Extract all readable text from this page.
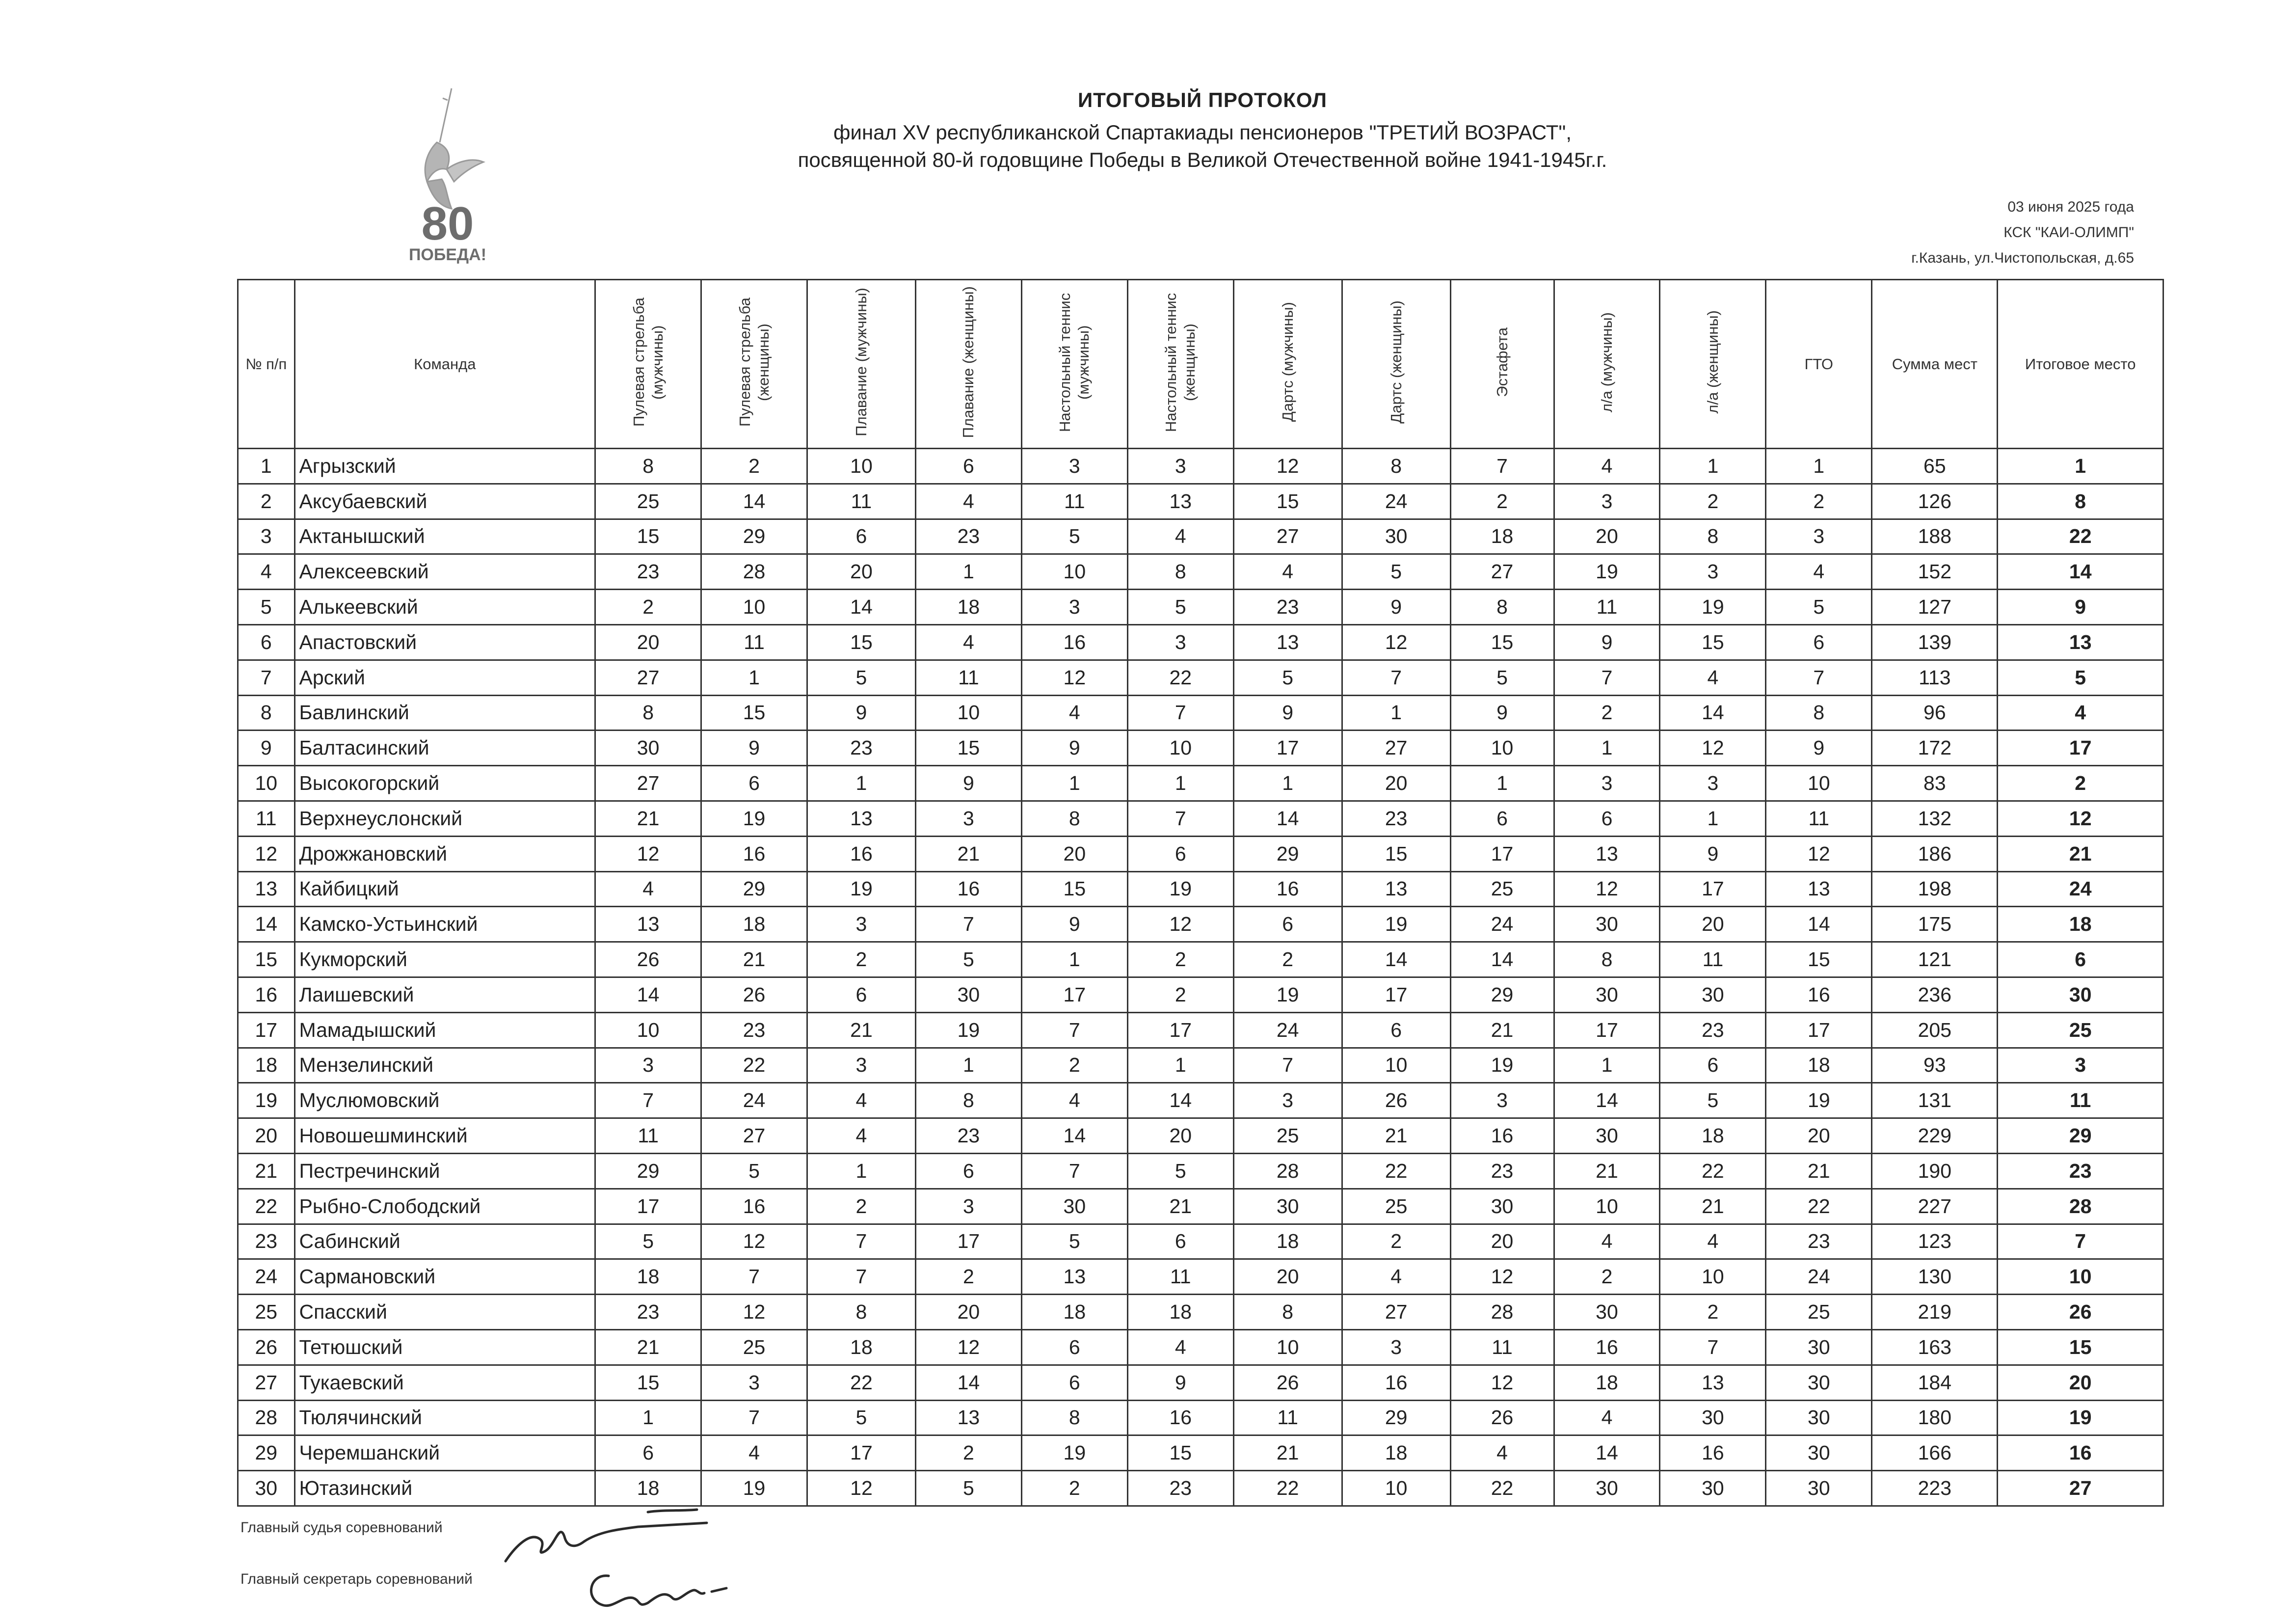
80
ПОБЕДА!
ИТОГОВЫЙ ПРОТОКОЛ
финал XV республиканской Спартакиады пенсионеров "ТРЕТИЙ ВОЗРАСТ",
посвященной 80-й годовщине Победы в Великой Отечественной войне 1941-1945г.г.
03 июня 2025 года
КСК "КАИ-ОЛИМП"
г.Казань, ул.Чистопольская, д.65
№ п/п	Команда	Пулевая стрельба (мужчины)	Пулевая стрельба (женщины)	Плавание (мужчины)	Плавание (женщины)	Настольный теннис (мужчины)	Настольный теннис (женщины)	Дартс (мужчины)	Дартс (женщины)	Эстафета	л/а (мужчины)	л/а (женщины)	ГТО	Сумма мест	Итоговое место
1	Агрызский	8	2	10	6	3	3	12	8	7	4	1	1	65	1
2	Аксубаевский	25	14	11	4	11	13	15	24	2	3	2	2	126	8
3	Актанышский	15	29	6	23	5	4	27	30	18	20	8	3	188	22
4	Алексеевский	23	28	20	1	10	8	4	5	27	19	3	4	152	14
5	Алькеевский	2	10	14	18	3	5	23	9	8	11	19	5	127	9
6	Апастовский	20	11	15	4	16	3	13	12	15	9	15	6	139	13
7	Арский	27	1	5	11	12	22	5	7	5	7	4	7	113	5
8	Бавлинский	8	15	9	10	4	7	9	1	9	2	14	8	96	4
9	Балтасинский	30	9	23	15	9	10	17	27	10	1	12	9	172	17
10	Высокогорский	27	6	1	9	1	1	1	20	1	3	3	10	83	2
11	Верхнеуслонский	21	19	13	3	8	7	14	23	6	6	1	11	132	12
12	Дрожжановский	12	16	16	21	20	6	29	15	17	13	9	12	186	21
13	Кайбицкий	4	29	19	16	15	19	16	13	25	12	17	13	198	24
14	Камско-Устьинский	13	18	3	7	9	12	6	19	24	30	20	14	175	18
15	Кукморский	26	21	2	5	1	2	2	14	14	8	11	15	121	6
16	Лаишевский	14	26	6	30	17	2	19	17	29	30	30	16	236	30
17	Мамадышский	10	23	21	19	7	17	24	6	21	17	23	17	205	25
18	Мензелинский	3	22	3	1	2	1	7	10	19	1	6	18	93	3
19	Муслюмовский	7	24	4	8	4	14	3	26	3	14	5	19	131	11
20	Новошешминский	11	27	4	23	14	20	25	21	16	30	18	20	229	29
21	Пестречинский	29	5	1	6	7	5	28	22	23	21	22	21	190	23
22	Рыбно-Слободский	17	16	2	3	30	21	30	25	30	10	21	22	227	28
23	Сабинский	5	12	7	17	5	6	18	2	20	4	4	23	123	7
24	Сармановский	18	7	7	2	13	11	20	4	12	2	10	24	130	10
25	Спасский	23	12	8	20	18	18	8	27	28	30	2	25	219	26
26	Тетюшский	21	25	18	12	6	4	10	3	11	16	7	30	163	15
27	Тукаевский	15	3	22	14	6	9	26	16	12	18	13	30	184	20
28	Тюлячинский	1	7	5	13	8	16	11	29	26	4	30	30	180	19
29	Черемшанский	6	4	17	2	19	15	21	18	4	14	16	30	166	16
30	Ютазинский	18	19	12	5	2	23	22	10	22	30	30	30	223	27
Главный судья соревнований
Главный секретарь соревнований
